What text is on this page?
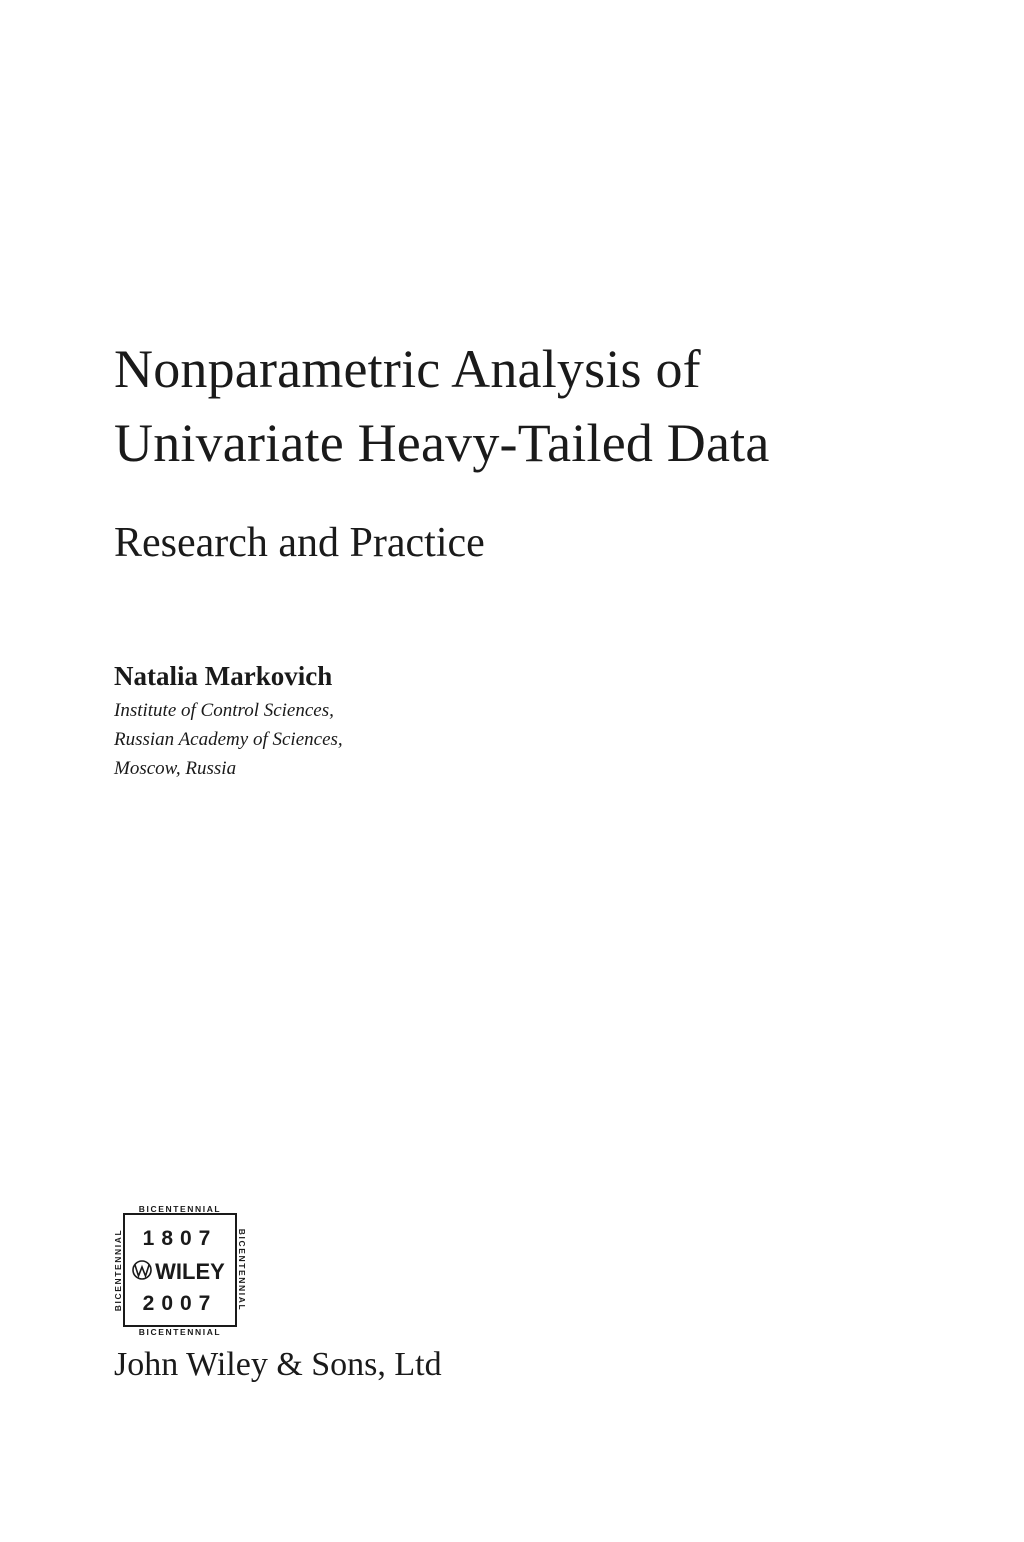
Nonparametric Analysis of
Univariate Heavy-Tailed Data
Research and Practice
Natalia Markovich
Institute of Control Sciences,
Russian Academy of Sciences,
Moscow, Russia
BICENTENNIAL
BICENTENNIAL
BICENTENNIAL	BICENTENNIAL
1807
WILEY
2007
John Wiley & Sons, Ltd
